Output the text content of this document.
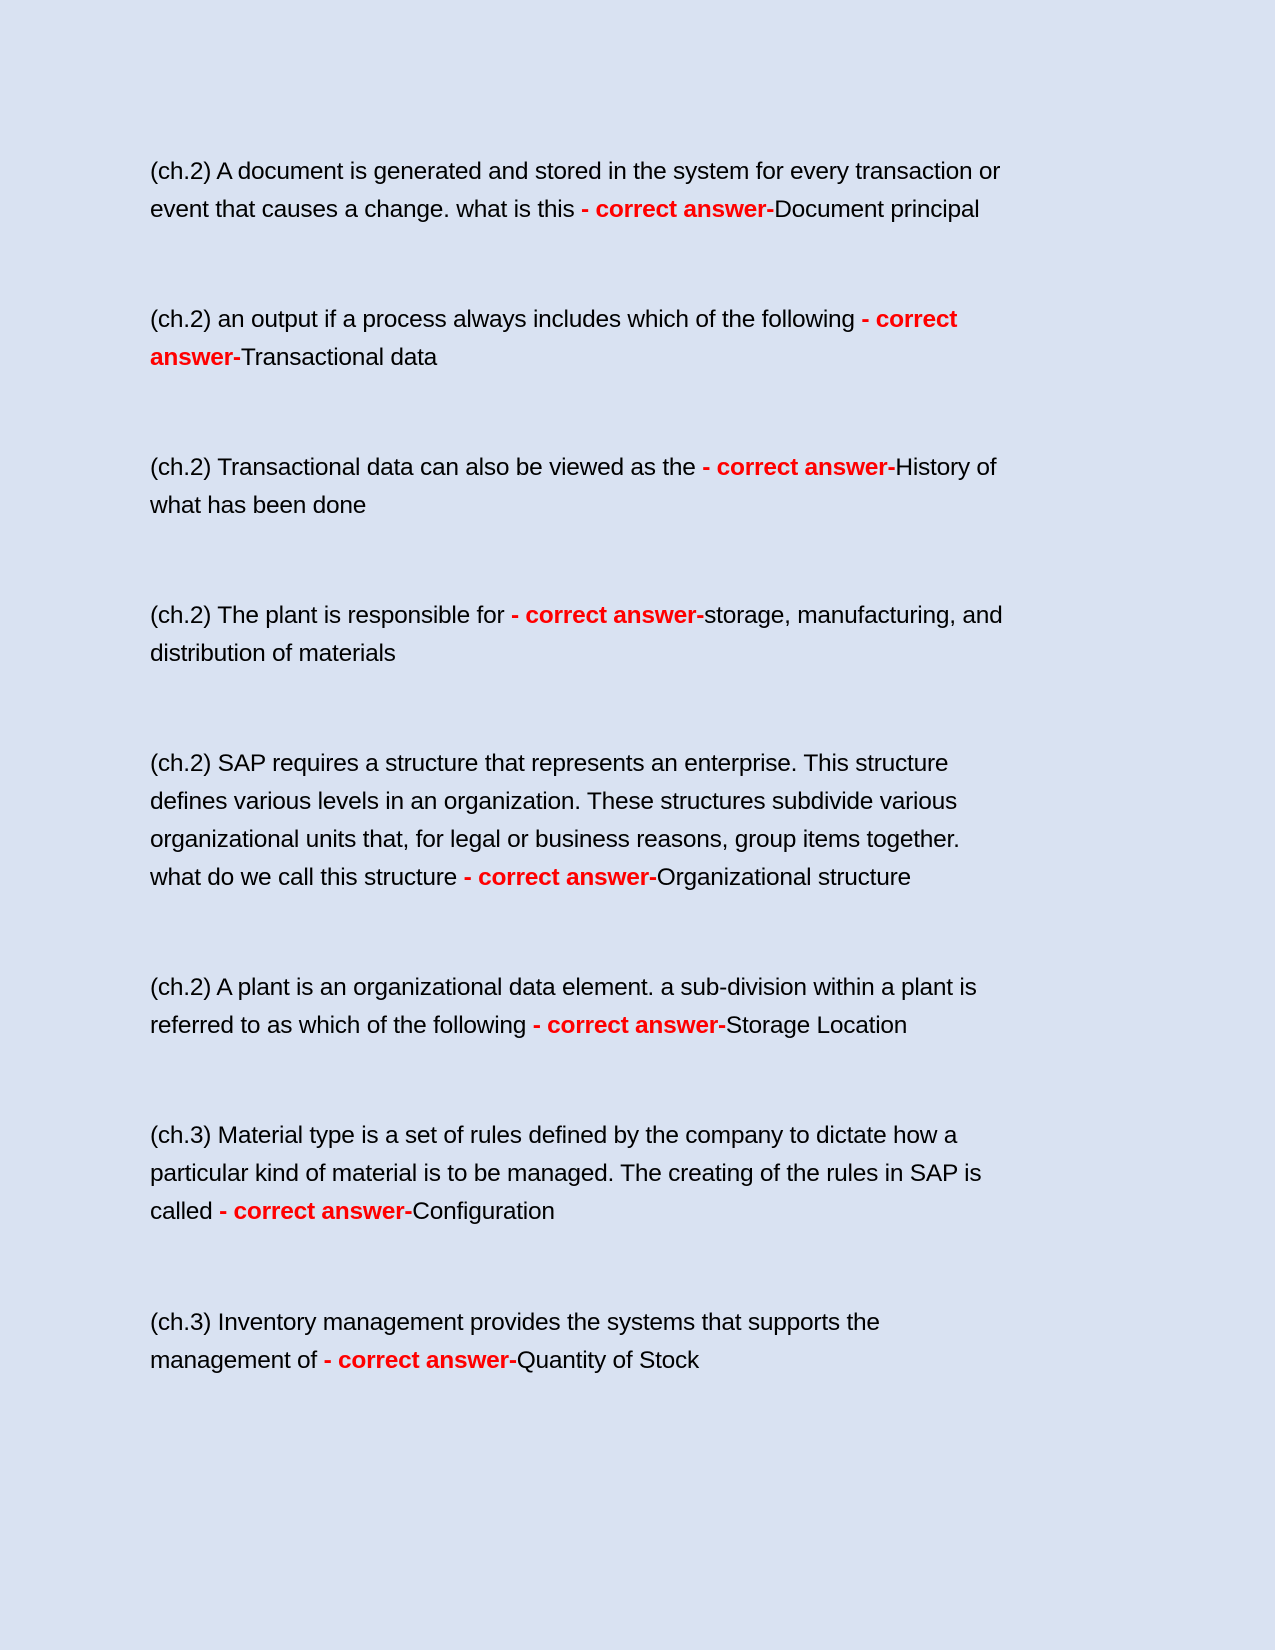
(ch.2) A document is generated and stored in the system for every transaction or
event that causes a change. what is this - correct answer-Document principal
(ch.2) an output if a process always includes which of the following - correct
answer-Transactional data
(ch.2) Transactional data can also be viewed as the - correct answer-History of
what has been done
(ch.2) The plant is responsible for - correct answer-storage, manufacturing, and
distribution of materials
(ch.2) SAP requires a structure that represents an enterprise. This structure
defines various levels in an organization. These structures subdivide various
organizational units that, for legal or business reasons, group items together.
what do we call this structure - correct answer-Organizational structure
(ch.2) A plant is an organizational data element. a sub-division within a plant is
referred to as which of the following - correct answer-Storage Location
(ch.3) Material type is a set of rules defined by the company to dictate how a
particular kind of material is to be managed. The creating of the rules in SAP is
called - correct answer-Configuration
(ch.3) Inventory management provides the systems that supports the
management of - correct answer-Quantity of Stock
